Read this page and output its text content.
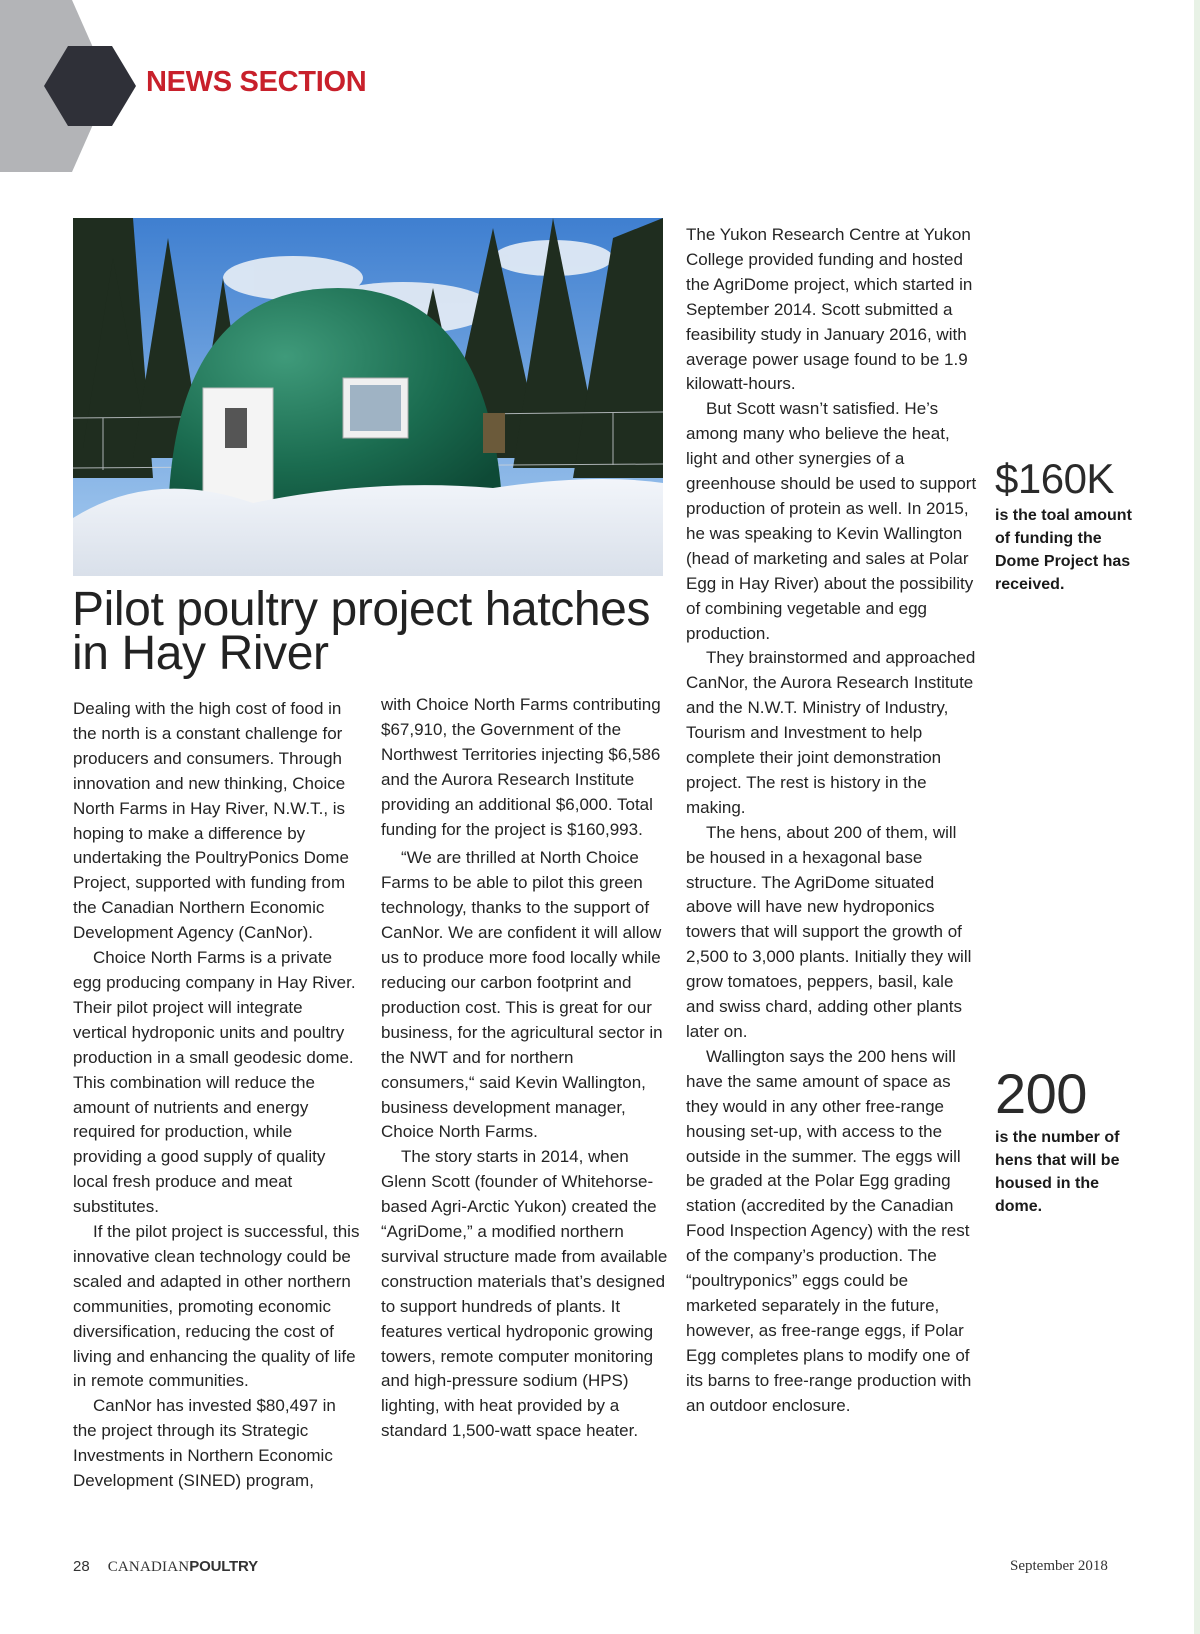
NEWS SECTION
Pilot poultry project hatches in Hay River

Dealing with the high cost of food in the north is a constant challenge for producers and consumers. Through innovation and new thinking, Choice North Farms in Hay River, N.W.T., is hoping to make a difference by undertaking the PoultryPonics Dome Project, supported with funding from the Canadian Northern Economic Development Agency (CanNor).

Choice North Farms is a private egg producing company in Hay River. Their pilot project will integrate vertical hydroponic units and poultry production in a small geodesic dome. This combination will reduce the amount of nutrients and energy required for production, while providing a good supply of quality local fresh produce and meat substitutes.

If the pilot project is successful, this innovative clean technology could be scaled and adapted in other northern communities, promoting economic diversification, reducing the cost of living and enhancing the quality of life in remote communities.

CanNor has invested $80,497 in the project through its Strategic Investments in Northern Economic Development (SINED) program,

with Choice North Farms contributing $67,910, the Government of the Northwest Territories injecting $6,586 and the Aurora Research Institute providing an additional $6,000. Total funding for the project is $160,993.

“We are thrilled at North Choice Farms to be able to pilot this green technology, thanks to the support of CanNor. We are confident it will allow us to produce more food locally while reducing our carbon footprint and production cost. This is great for our business, for the agricultural sector in the NWT and for northern consumers,“ said Kevin Wallington, business development manager, Choice North Farms.

The story starts in 2014, when Glenn Scott (founder of Whitehorse-based Agri-Arctic Yukon) created the “AgriDome,” a modified northern survival structure made from available construction materials that’s designed to support hundreds of plants. It features vertical hydroponic growing towers, remote computer monitoring and high-pressure sodium (HPS) lighting, with heat provided by a standard 1,500-watt space heater.

The Yukon Research Centre at Yukon College provided funding and hosted the AgriDome project, which started in September 2014. Scott submitted a feasibility study in January 2016, with average power usage found to be 1.9 kilowatt-hours.

But Scott wasn’t satisfied. He’s among many who believe the heat, light and other synergies of a greenhouse should be used to support production of protein as well. In 2015, he was speaking to Kevin Wallington (head of marketing and sales at Polar Egg in Hay River) about the possibility of combining vegetable and egg production.

They brainstormed and approached CanNor, the Aurora Research Institute and the N.W.T. Ministry of Industry, Tourism and Investment to help complete their joint demonstration project. The rest is history in the making.

The hens, about 200 of them, will be housed in a hexagonal base structure. The AgriDome situated above will have new hydroponics towers that will support the growth of 2,500 to 3,000 plants. Initially they will grow tomatoes, peppers, basil, kale and swiss chard, adding other plants later on.

Wallington says the 200 hens will have the same amount of space as they would in any other free-range housing set-up, with access to the outside in the summer. The eggs will be graded at the Polar Egg grading station (accredited by the Canadian Food Inspection Agency) with the rest of the company’s production. The “poultryponics” eggs could be marketed separately in the future, however, as free-range eggs, if Polar Egg completes plans to modify one of its barns to free-range production with an outdoor enclosure.

$160K
is the toal amount of funding the Dome Project has received.
200
is the number of hens that will be housed in the dome.
28 CANADIANPOULTRY	September 2018
